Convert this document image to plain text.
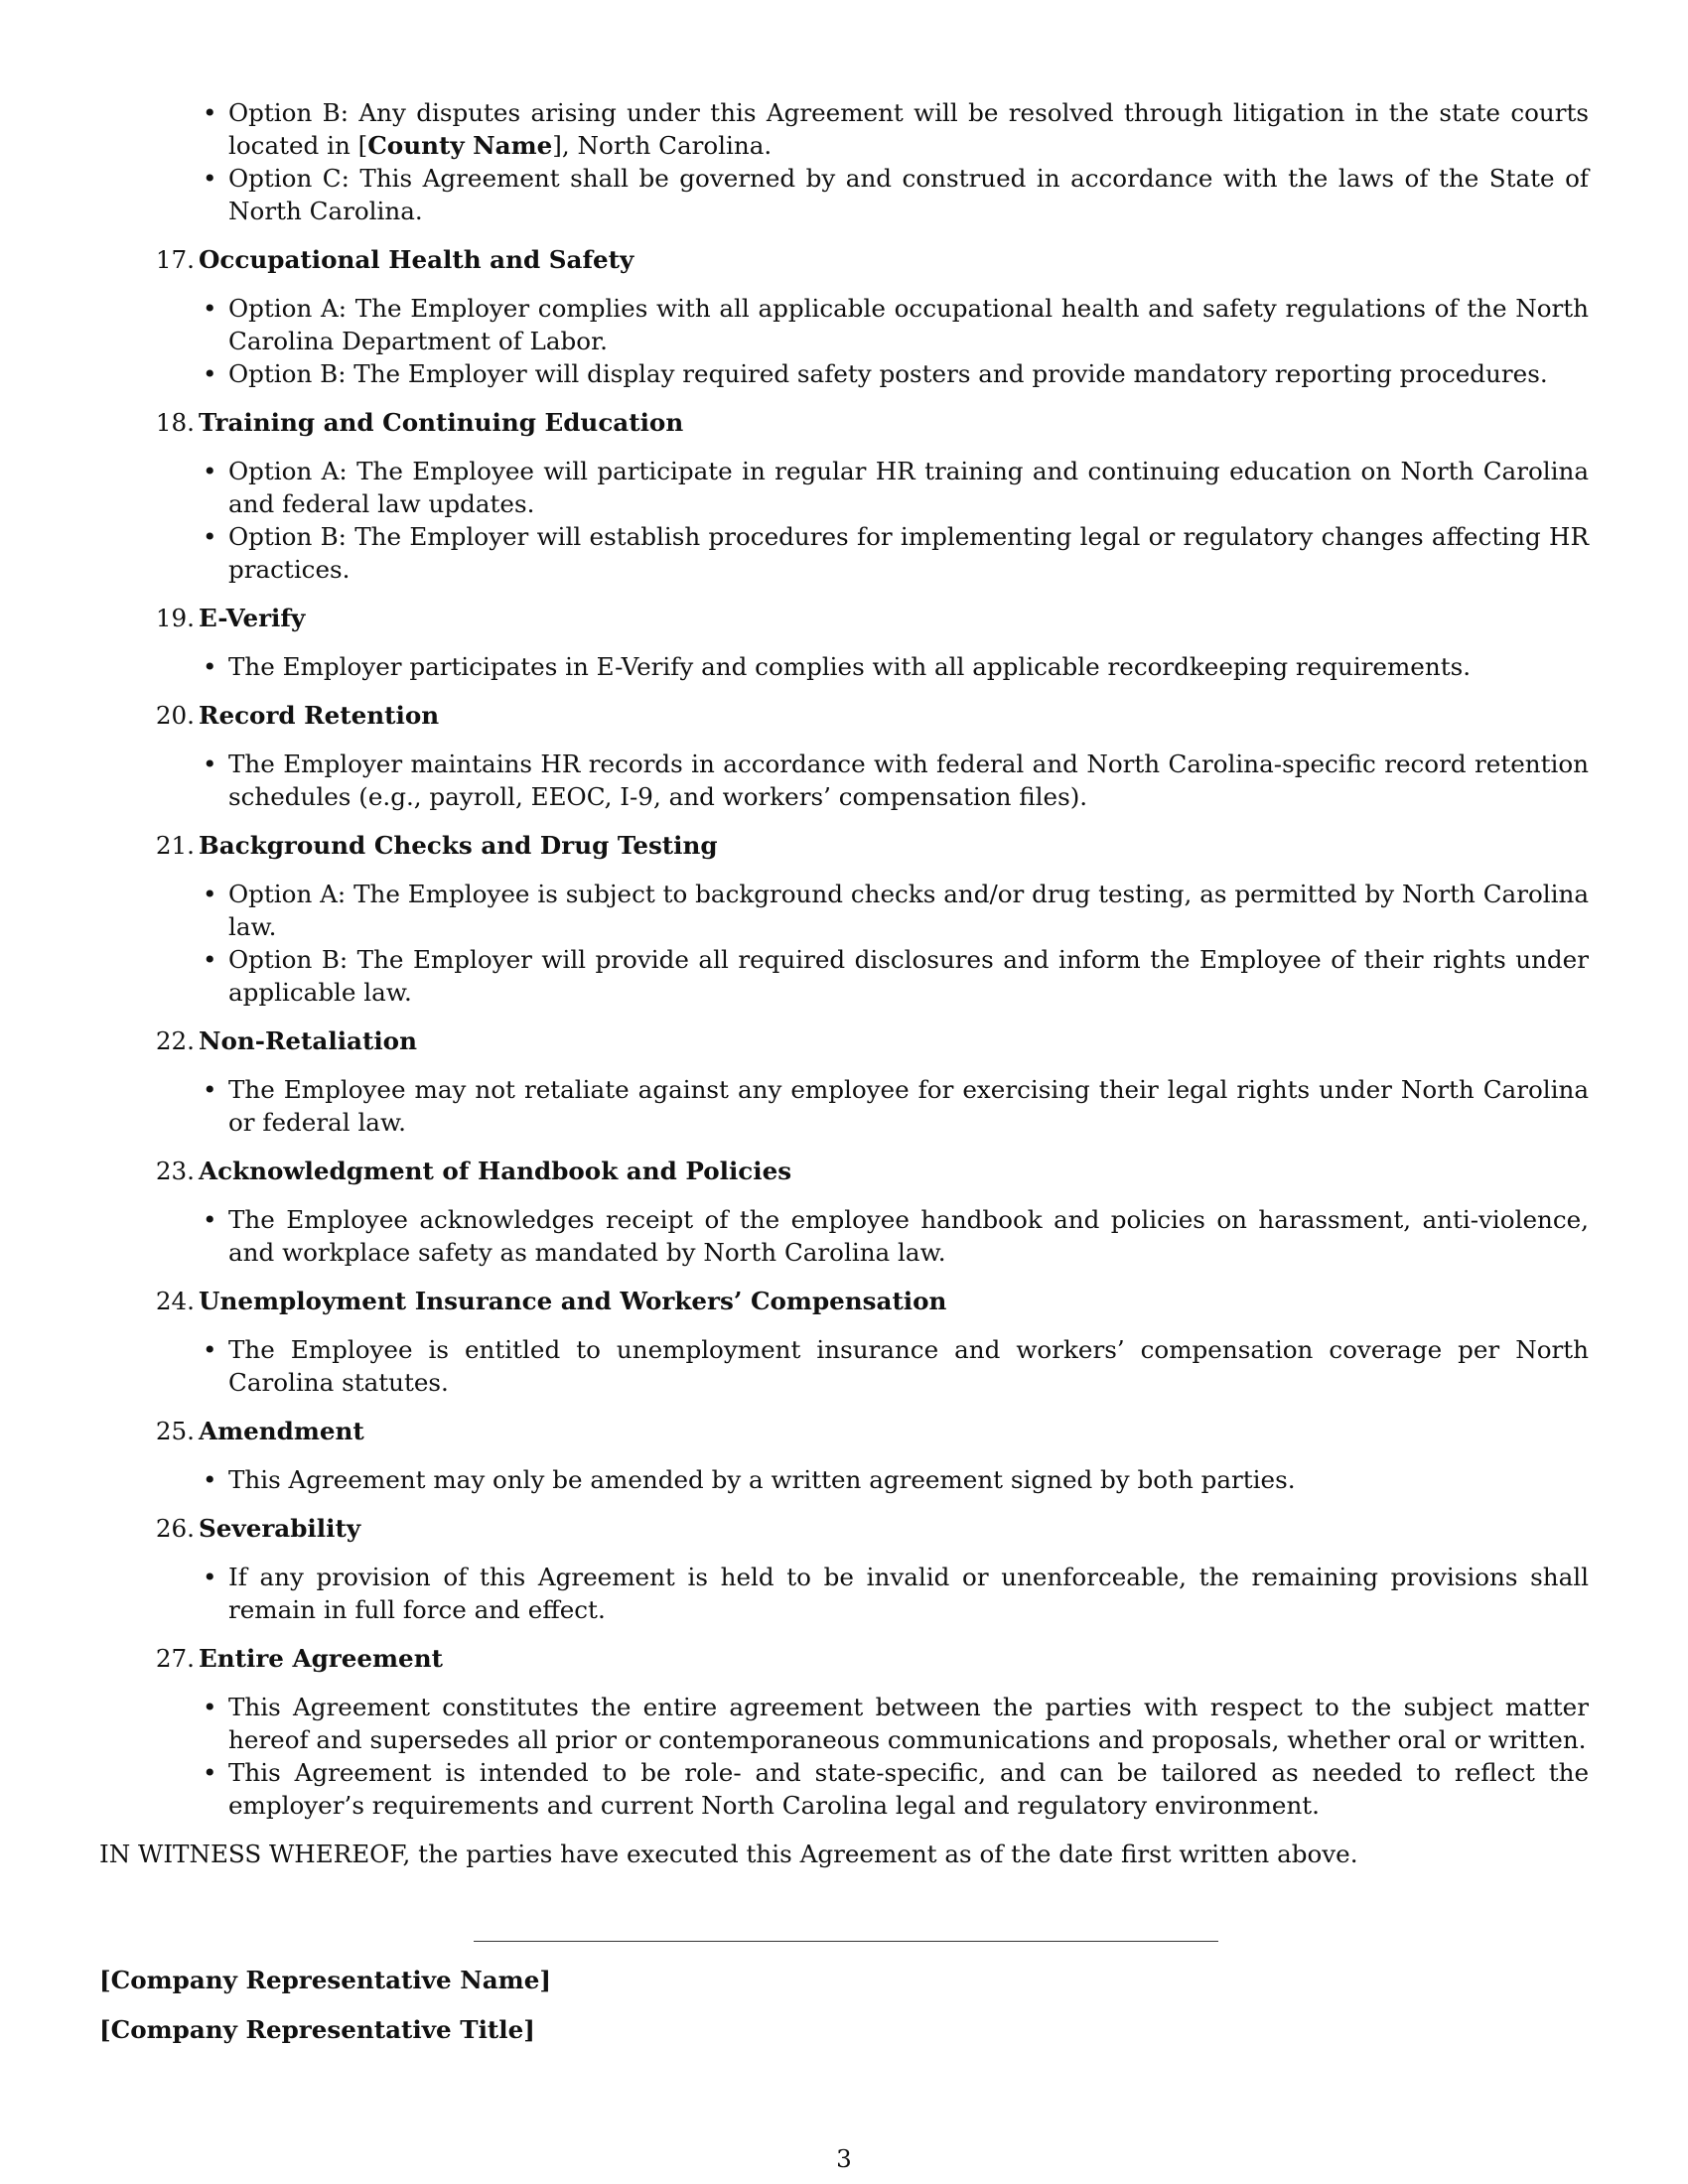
• Option B: Any disputes arising under this Agreement will be resolved through litigation in the state courts located in [County Name], North Carolina.
• Option C: This Agreement shall be governed by and construed in accordance with the laws of the State of North Carolina.
17. Occupational Health and Safety
• Option A: The Employer complies with all applicable occupational health and safety regulations of the North Carolina Department of Labor.
• Option B: The Employer will display required safety posters and provide mandatory reporting procedures.
18. Training and Continuing Education
• Option A: The Employee will participate in regular HR training and continuing education on North Carolina and federal law updates.
• Option B: The Employer will establish procedures for implementing legal or regulatory changes affecting HR practices.
19. E-Verify
• The Employer participates in E-Verify and complies with all applicable recordkeeping requirements.
20. Record Retention
• The Employer maintains HR records in accordance with federal and North Carolina-specific record retention schedules (e.g., payroll, EEOC, I-9, and workers’ compensation files).
21. Background Checks and Drug Testing
• Option A: The Employee is subject to background checks and/or drug testing, as permitted by North Carolina law.
• Option B: The Employer will provide all required disclosures and inform the Employee of their rights under applicable law.
22. Non-Retaliation
• The Employee may not retaliate against any employee for exercising their legal rights under North Carolina or federal law.
23. Acknowledgment of Handbook and Policies
• The Employee acknowledges receipt of the employee handbook and policies on harassment, anti-violence, and workplace safety as mandated by North Carolina law.
24. Unemployment Insurance and Workers’ Compensation
• The Employee is entitled to unemployment insurance and workers’ compensation coverage per North Carolina statutes.
25. Amendment
• This Agreement may only be amended by a written agreement signed by both parties.
26. Severability
• If any provision of this Agreement is held to be invalid or unenforceable, the remaining provisions shall remain in full force and effect.
27. Entire Agreement
• This Agreement constitutes the entire agreement between the parties with respect to the subject matter hereof and supersedes all prior or contemporaneous communications and proposals, whether oral or written.
• This Agreement is intended to be role- and state-specific, and can be tailored as needed to reflect the employer’s requirements and current North Carolina legal and regulatory environment.
IN WITNESS WHEREOF, the parties have executed this Agreement as of the date first written above.
[Company Representative Name]
[Company Representative Title]
3
